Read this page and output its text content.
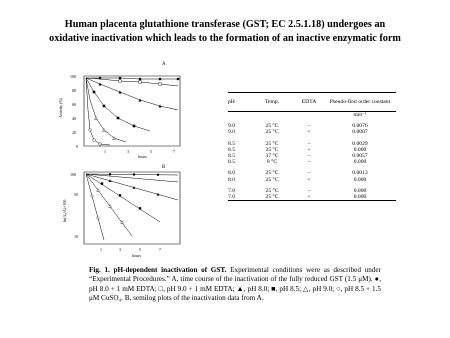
Human placenta glutathione transferase (GST; EC 2.5.1.18) undergoes an
oxidative inactivation which leads to the formation of an inactive enzymatic form
A
100
80
60
40
20
0
Activity (%)
1	3	5	7
hours
B
100
50
10
ln(A₀/A)×100
1	3	5	7
hours
pH	Temp.	EDTA	Pseudo-first order constant
min⁻¹
9.0	25 °C	−	0.0076
9.0	25 °C	+	0.0007
8.5	25 °C	−	0.0029
8.5	25 °C	+	0.000
8.5	37 °C	−	0.0057
8.5	0 °C	−	0.000
8.0	25 °C	−	0.0013
8.0	25 °C	+	0.000
7.0	25 °C	−	0.000
7.0	25 °C	+	0.000
Fig. 1. pH-dependent inactivation of GST. Experimental conditions were as described under “Experimental Procedures.” A, time course of the inactivation of the fully reduced GST (1.5 μM). ●, pH 8.0 + 1 mM EDTA; □, pH 9.0 + 1 mM EDTA; ▲, pH 8.0; ■, pH 8.5; △, pH 9.0; ○, pH 8.5 + 1.5 μM CuSO₄. B, semilog plots of the inactivation data from A.
